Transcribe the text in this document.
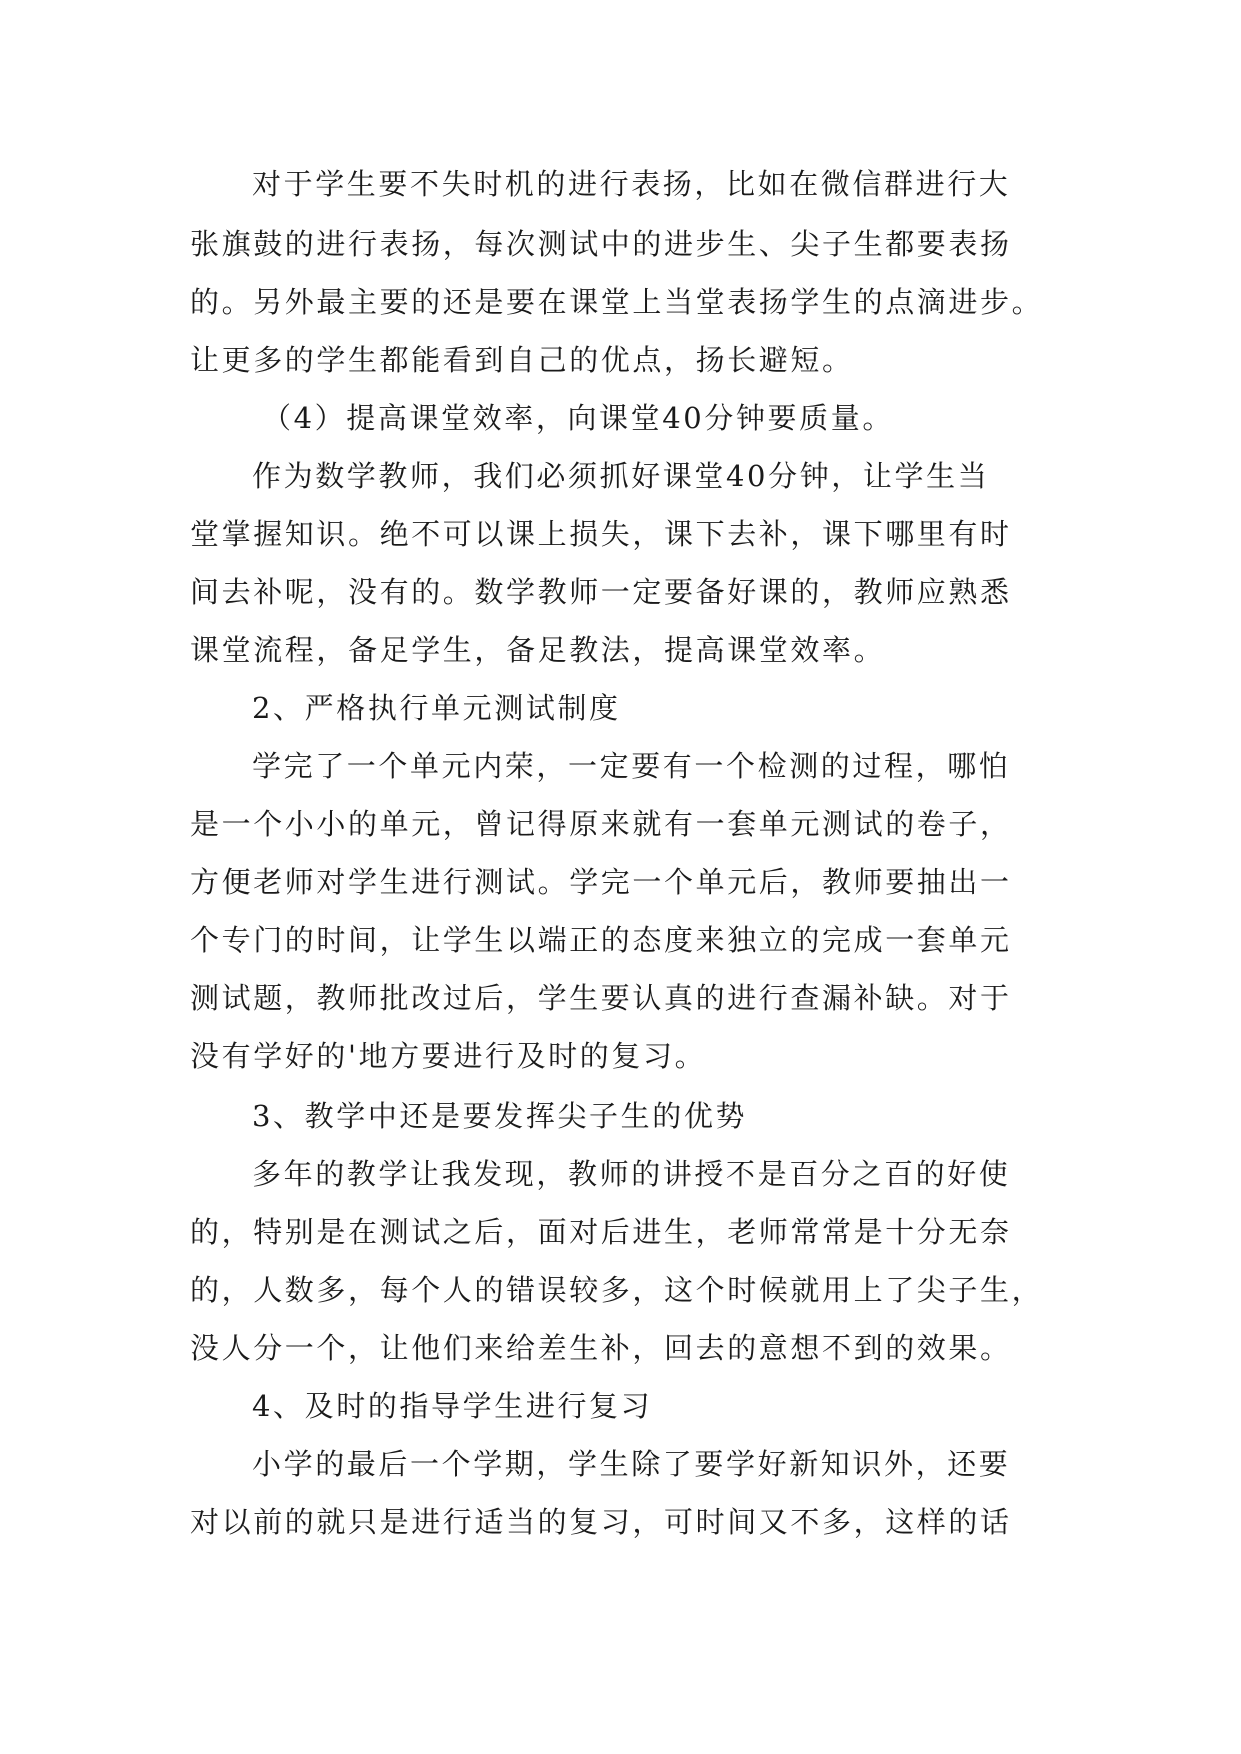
对于学生要不失时机的进行表扬，比如在微信群进行大
张旗鼓的进行表扬，每次测试中的进步生、尖子生都要表扬
的。另外最主要的还是要在课堂上当堂表扬学生的点滴进步。
让更多的学生都能看到自己的优点，扬长避短。
（4）提高课堂效率，向课堂40分钟要质量。
作为数学教师，我们必须抓好课堂40分钟，让学生当
堂掌握知识。绝不可以课上损失，课下去补，课下哪里有时
间去补呢，没有的。数学教师一定要备好课的，教师应熟悉
课堂流程，备足学生，备足教法，提高课堂效率。
2、严格执行单元测试制度
学完了一个单元内荣，一定要有一个检测的过程，哪怕
是一个小小的单元，曾记得原来就有一套单元测试的卷子，
方便老师对学生进行测试。学完一个单元后，教师要抽出一
个专门的时间，让学生以端正的态度来独立的完成一套单元
测试题，教师批改过后，学生要认真的进行查漏补缺。对于
没有学好的'地方要进行及时的复习。
3、教学中还是要发挥尖子生的优势
多年的教学让我发现，教师的讲授不是百分之百的好使
的，特别是在测试之后，面对后进生，老师常常是十分无奈
的，人数多，每个人的错误较多，这个时候就用上了尖子生，
没人分一个，让他们来给差生补，回去的意想不到的效果。
4、及时的指导学生进行复习
小学的最后一个学期，学生除了要学好新知识外，还要
对以前的就只是进行适当的复习，可时间又不多，这样的话
